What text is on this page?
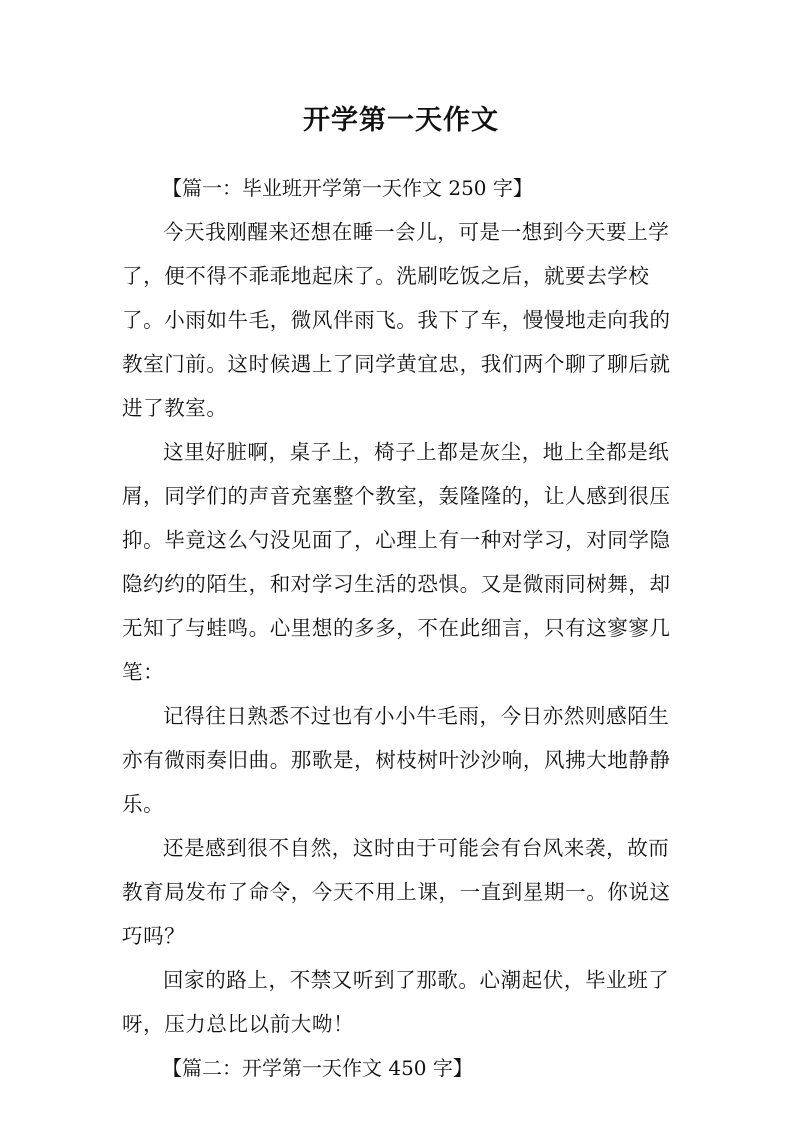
开学第一天作文

【篇一：毕业班开学第一天作文 250 字】

今天我刚醒来还想在睡一会儿，可是一想到今天要上学了，便不得不乖乖地起床了。洗刷吃饭之后，就要去学校了。小雨如牛毛，微风伴雨飞。我下了车，慢慢地走向我的教室门前。这时候遇上了同学黄宜忠，我们两个聊了聊后就进了教室。

这里好脏啊，桌子上，椅子上都是灰尘，地上全都是纸屑，同学们的声音充塞整个教室，轰隆隆的，让人感到很压抑。毕竟这么勺没见面了，心理上有一种对学习，对同学隐隐约约的陌生，和对学习生活的恐惧。又是微雨同树舞，却无知了与蛙鸣。心里想的多多，不在此细言，只有这寥寥几笔：

记得往日熟悉不过也有小小牛毛雨，今日亦然则感陌生亦有微雨奏旧曲。那歌是，树枝树叶沙沙响，风拂大地静静乐。

还是感到很不自然，这时由于可能会有台风来袭，故而教育局发布了命令，今天不用上课，一直到星期一。你说这巧吗？

回家的路上，不禁又听到了那歌。心潮起伏，毕业班了呀，压力总比以前大呦！

【篇二：开学第一天作文 450 字】
